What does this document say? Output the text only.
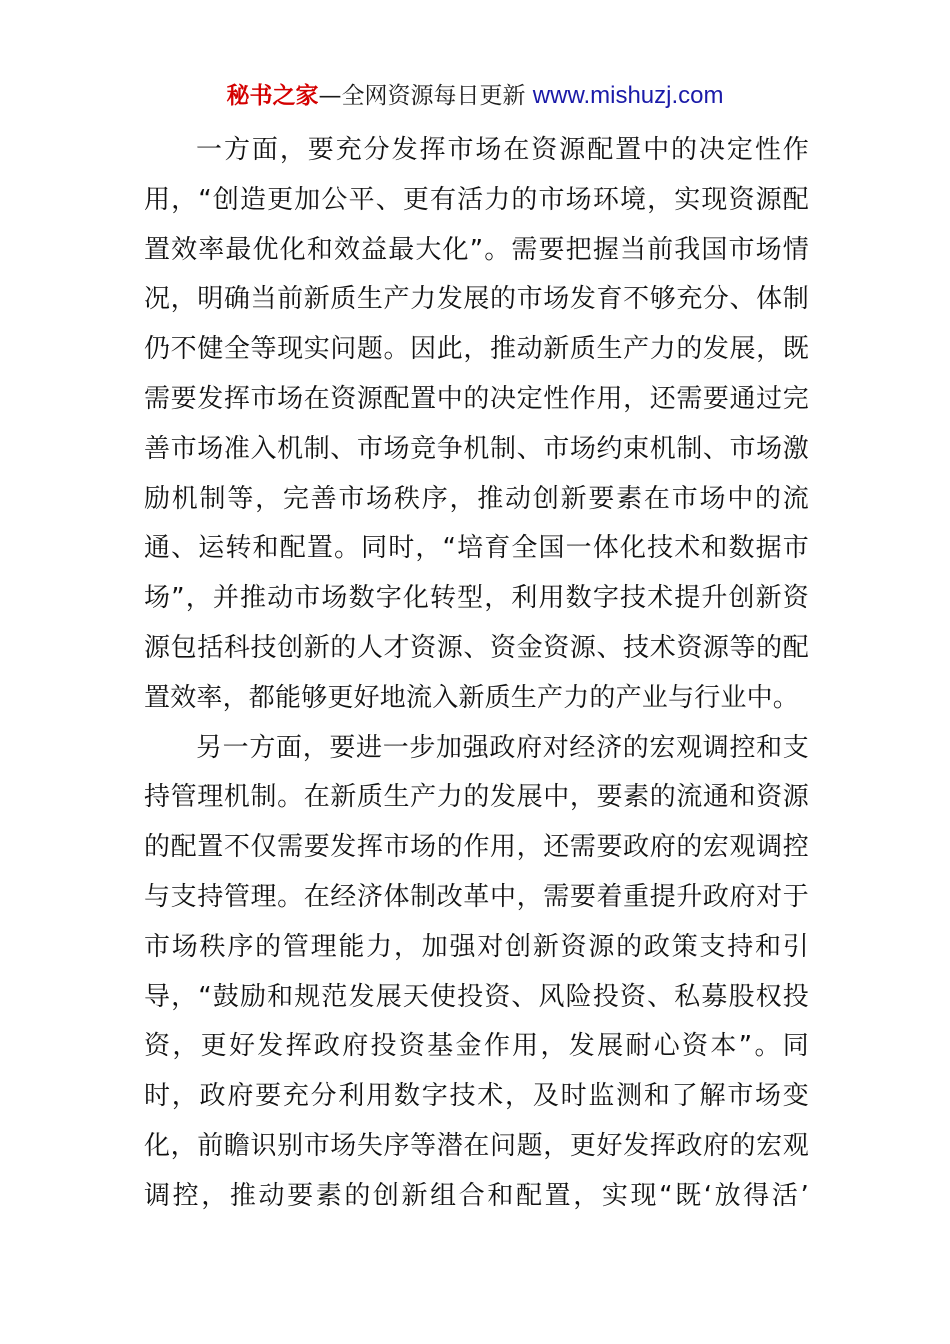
秘书之家—全网资源每日更新 www.mishuzj.com
一方面，要充分发挥市场在资源配置中的决定性作
用，“创造更加公平、更有活力的市场环境，实现资源配
置效率最优化和效益最大化”。需要把握当前我国市场情
况，明确当前新质生产力发展的市场发育不够充分、体制
仍不健全等现实问题。因此，推动新质生产力的发展，既
需要发挥市场在资源配置中的决定性作用，还需要通过完
善市场准入机制、市场竞争机制、市场约束机制、市场激
励机制等，完善市场秩序，推动创新要素在市场中的流
通、运转和配置。同时，“培育全国一体化技术和数据市
场”，并推动市场数字化转型，利用数字技术提升创新资
源包括科技创新的人才资源、资金资源、技术资源等的配
置效率，都能够更好地流入新质生产力的产业与行业中。
另一方面，要进一步加强政府对经济的宏观调控和支
持管理机制。在新质生产力的发展中，要素的流通和资源
的配置不仅需要发挥市场的作用，还需要政府的宏观调控
与支持管理。在经济体制改革中，需要着重提升政府对于
市场秩序的管理能力，加强对创新资源的政策支持和引
导，“鼓励和规范发展天使投资、风险投资、私募股权投
资，更好发挥政府投资基金作用，发展耐心资本”。同
时，政府要充分利用数字技术，及时监测和了解市场变
化，前瞻识别市场失序等潜在问题，更好发挥政府的宏观
调控，推动要素的创新组合和配置，实现“既‘放得活’
